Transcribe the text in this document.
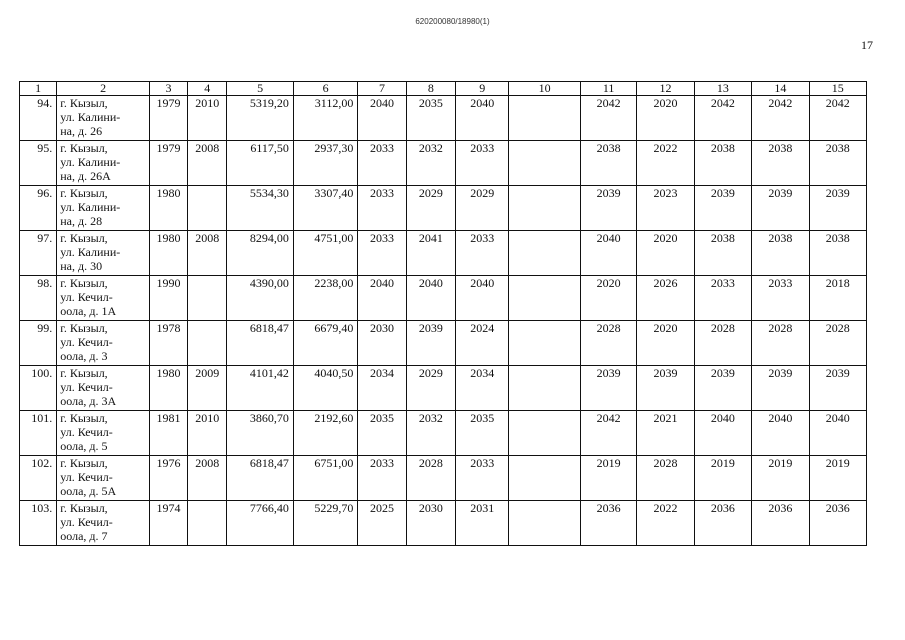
620200080/18980(1)
17
1	2	3	4	5	6	7	8	9	10	11	12	13	14	15
94.	г. Кызыл,
ул. Калини-
на, д. 26	1979	2010	5319,20	3112,00	2040	2035	2040		2042	2020	2042	2042	2042
95.	г. Кызыл,
ул. Калини-
на, д. 26А	1979	2008	6117,50	2937,30	2033	2032	2033		2038	2022	2038	2038	2038
96.	г. Кызыл,
ул. Калини-
на, д. 28	1980		5534,30	3307,40	2033	2029	2029		2039	2023	2039	2039	2039
97.	г. Кызыл,
ул. Калини-
на, д. 30	1980	2008	8294,00	4751,00	2033	2041	2033		2040	2020	2038	2038	2038
98.	г. Кызыл,
ул. Кечил-
оола, д. 1А	1990		4390,00	2238,00	2040	2040	2040		2020	2026	2033	2033	2018
99.	г. Кызыл,
ул. Кечил-
оола, д. 3	1978		6818,47	6679,40	2030	2039	2024		2028	2020	2028	2028	2028
100.	г. Кызыл,
ул. Кечил-
оола, д. 3А	1980	2009	4101,42	4040,50	2034	2029	2034		2039	2039	2039	2039	2039
101.	г. Кызыл,
ул. Кечил-
оола, д. 5	1981	2010	3860,70	2192,60	2035	2032	2035		2042	2021	2040	2040	2040
102.	г. Кызыл,
ул. Кечил-
оола, д. 5А	1976	2008	6818,47	6751,00	2033	2028	2033		2019	2028	2019	2019	2019
103.	г. Кызыл,
ул. Кечил-
оола, д. 7	1974		7766,40	5229,70	2025	2030	2031		2036	2022	2036	2036	2036
